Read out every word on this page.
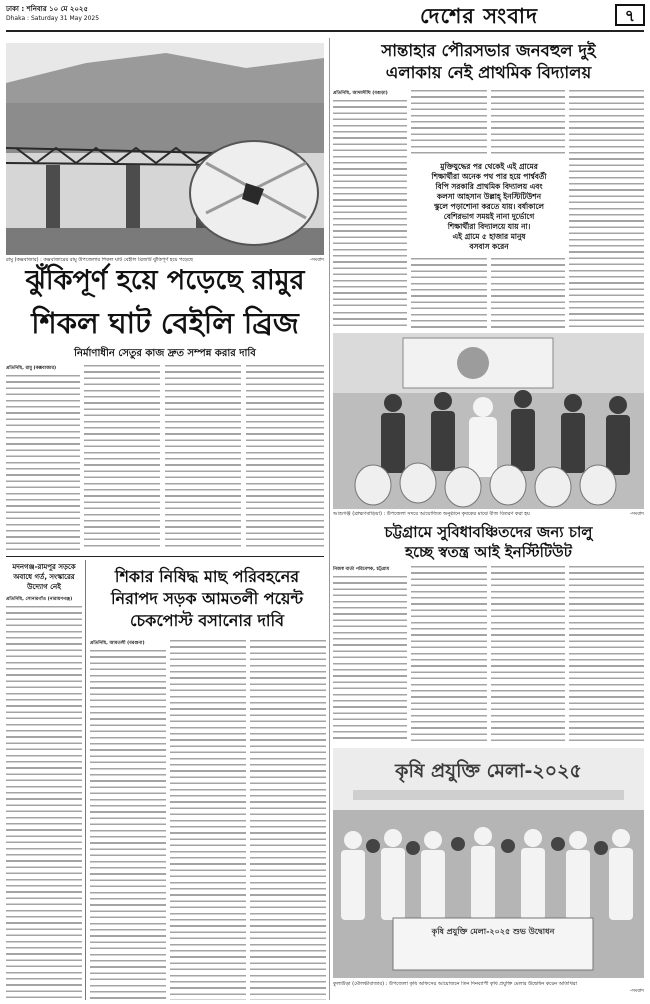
ঢাকা : শনিবার ১০ মে ২০২৫
Dhaka : Saturday 31 May 2025	দেশের সংবাদ	৭
রামু (কক্সবাজার) : কক্সবাজারের রামু উপজেলার শিকল ঘাট বেইলি ব্রিজটি ঝুঁকিপূর্ণ হয়ে পড়েছে	-সংবাদ
ঝুঁকিপূর্ণ হয়ে পড়েছে রামুর
শিকল ঘাট বেইলি ব্রিজ
নির্মাণাধীন সেতুর কাজ দ্রুত সম্পন্ন করার দাবি
প্রতিনিধি, রামু (কক্সবাজার)
মদনগঞ্জ-রামপুর সড়কে
অবাধে গর্ত, সংস্কারের
উদ্যোগ নেই
প্রতিনিধি, সোনারগাঁও (নারায়ণগঞ্জ)
শিকার নিষিদ্ধ মাছ পরিবহনের
নিরাপদ সড়ক আমতলী পয়েন্ট
চেকপোস্ট বসানোর দাবি
প্রতিনিধি, আমতলী (বরগুনা)
সান্তাহার পৌরসভার জনবহুল দুই
এলাকায় নেই প্রাথমিক বিদ্যালয়
প্রতিনিধি, আদমদীঘি (বগুড়া)
মুক্তিযুদ্ধের পর থেকেই এই গ্রামের
শিক্ষার্থীরা অনেক পথ পার হয়ে পার্শ্ববর্তী
বিপি সরকারি প্রাথমিক বিদ্যালয় এবং
কলসা আহসান উল্লাহ্ ইনস্টিটিউশন
স্কুলে পড়াশোনা করতে যায়। বর্ষাকালে
বেশিরভাগ সময়ই নানা দুর্ভোগে
শিক্ষার্থীরা বিদ্যালয়ে যায় না।
এই গ্রামে ৫ হাজার মানুষ
বসবাস করেন
আশুগঞ্জ (ব্রাহ্মণবাড়িয়া) : উপজেলা সদরে আয়োজিত অনুষ্ঠানে কৃষকের মাঝে বীজ বিতরণ করা হয়	-সংবাদ
চট্টগ্রামে সুবিধাবঞ্চিতদের জন্য চালু
হচ্ছে স্বতন্ত্র আই ইনস্টিটিউট
নিজস্ব বার্তা পরিবেশক, চট্টগ্রাম
কৃষি প্রযুক্তি মেলা-২০২৫
কৃষি প্রযুক্তি মেলা-২০২৫ শুভ উদ্বোধন
কুলাউড়া (মৌলভীবাজার) : উপজেলা কৃষি অফিসের আয়োজনে তিন দিনব্যাপী কৃষি প্রযুক্তি মেলার উদ্বোধন করেন অতিথিরা
-সংবাদ
